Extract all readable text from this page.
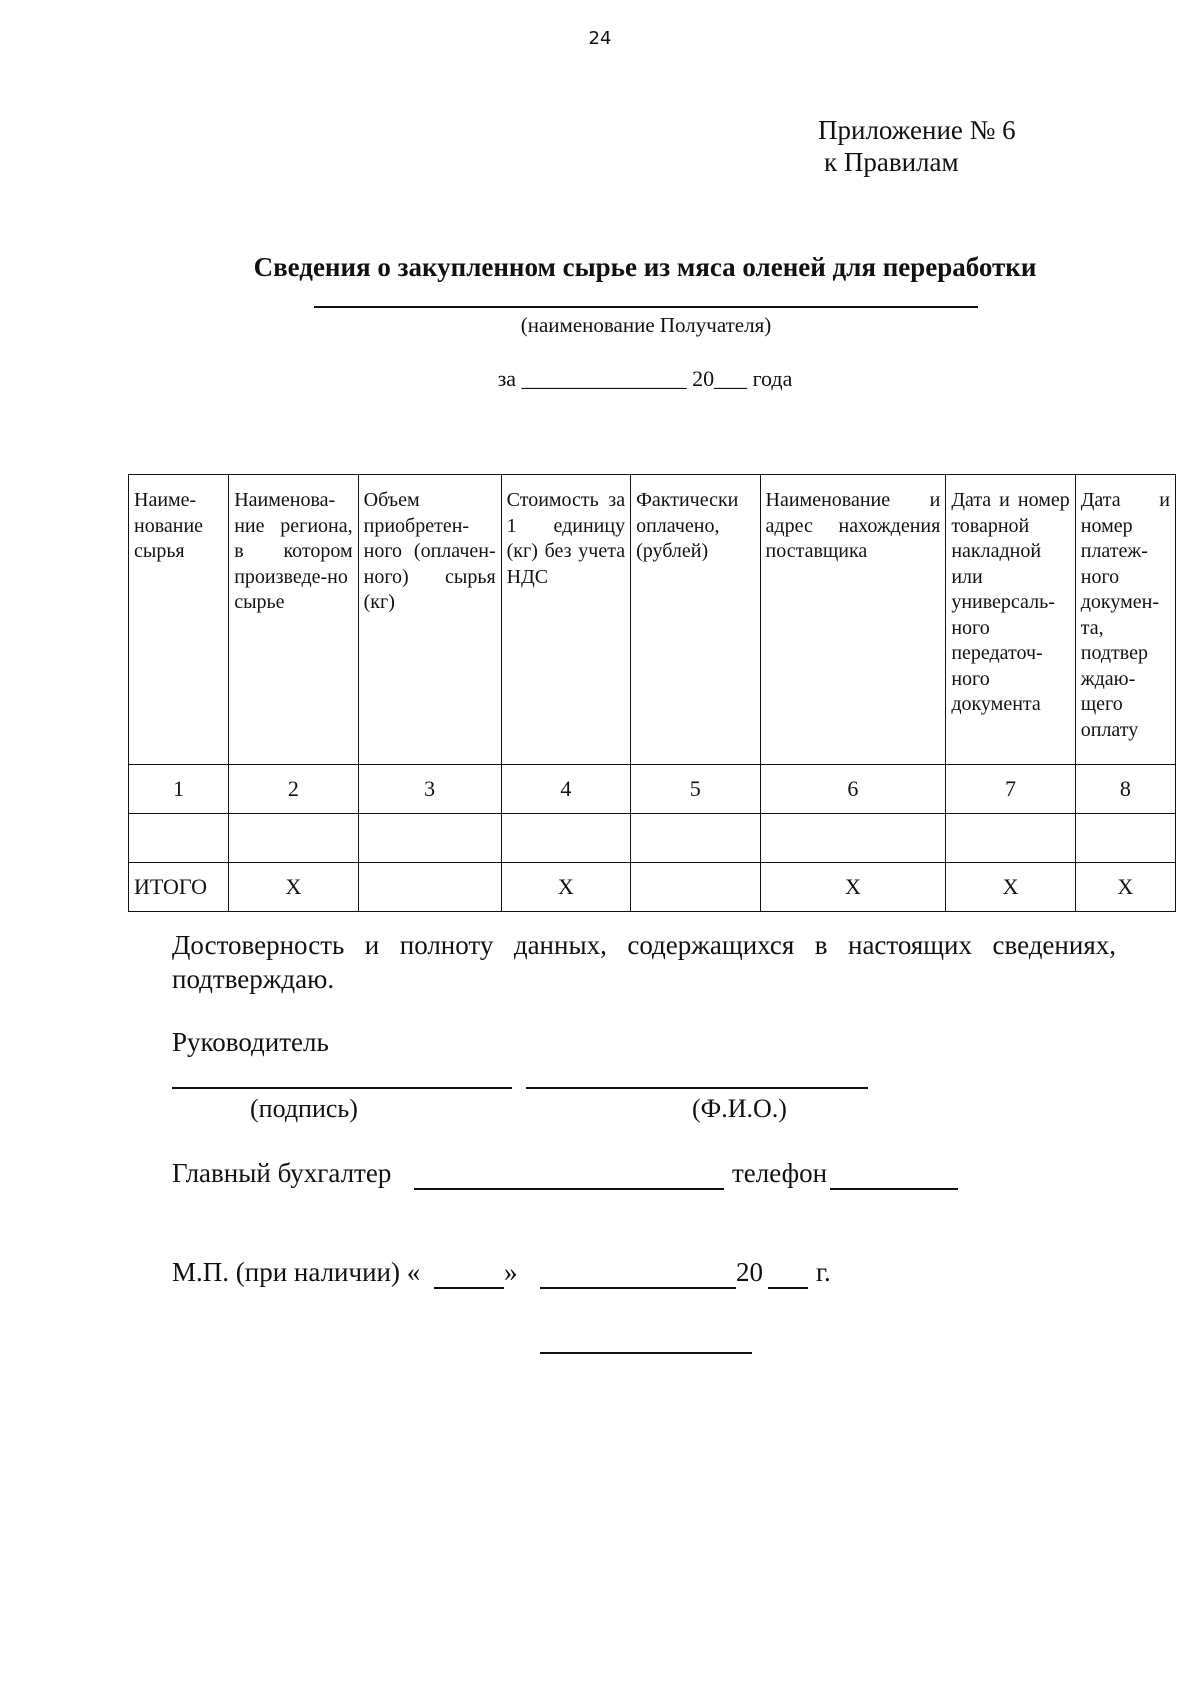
24
Приложение № 6
к Правилам
Сведения о закупленном сырье из мяса оленей для переработки
(наименование Получателя)
за _______________ 20___ года
Наиме-нование сырья	Наименова-ние региона, в котором произведе-но сырье	Объем приобретен-ного (оплачен-ного) сырья (кг)	Стоимость за 1 единицу (кг) без учета НДС	Фактически оплачено, (рублей)	Наименование и адрес нахождения поставщика	Дата и номер товарной накладной или универсаль-ного передаточ-ного документа	Дата и номер платеж-ного докумен-та, подтвер ждаю-щего оплату
1	2	3	4	5	6	7	8

ИТОГО	Х		Х		Х	Х	Х
Достоверность и полноту данных, содержащихся в настоящих сведениях, подтверждаю.
Руководитель
(подпись)	(Ф.И.О.)
Главный бухгалтер	телефон
М.П. (при наличии) «	»	20 г.
